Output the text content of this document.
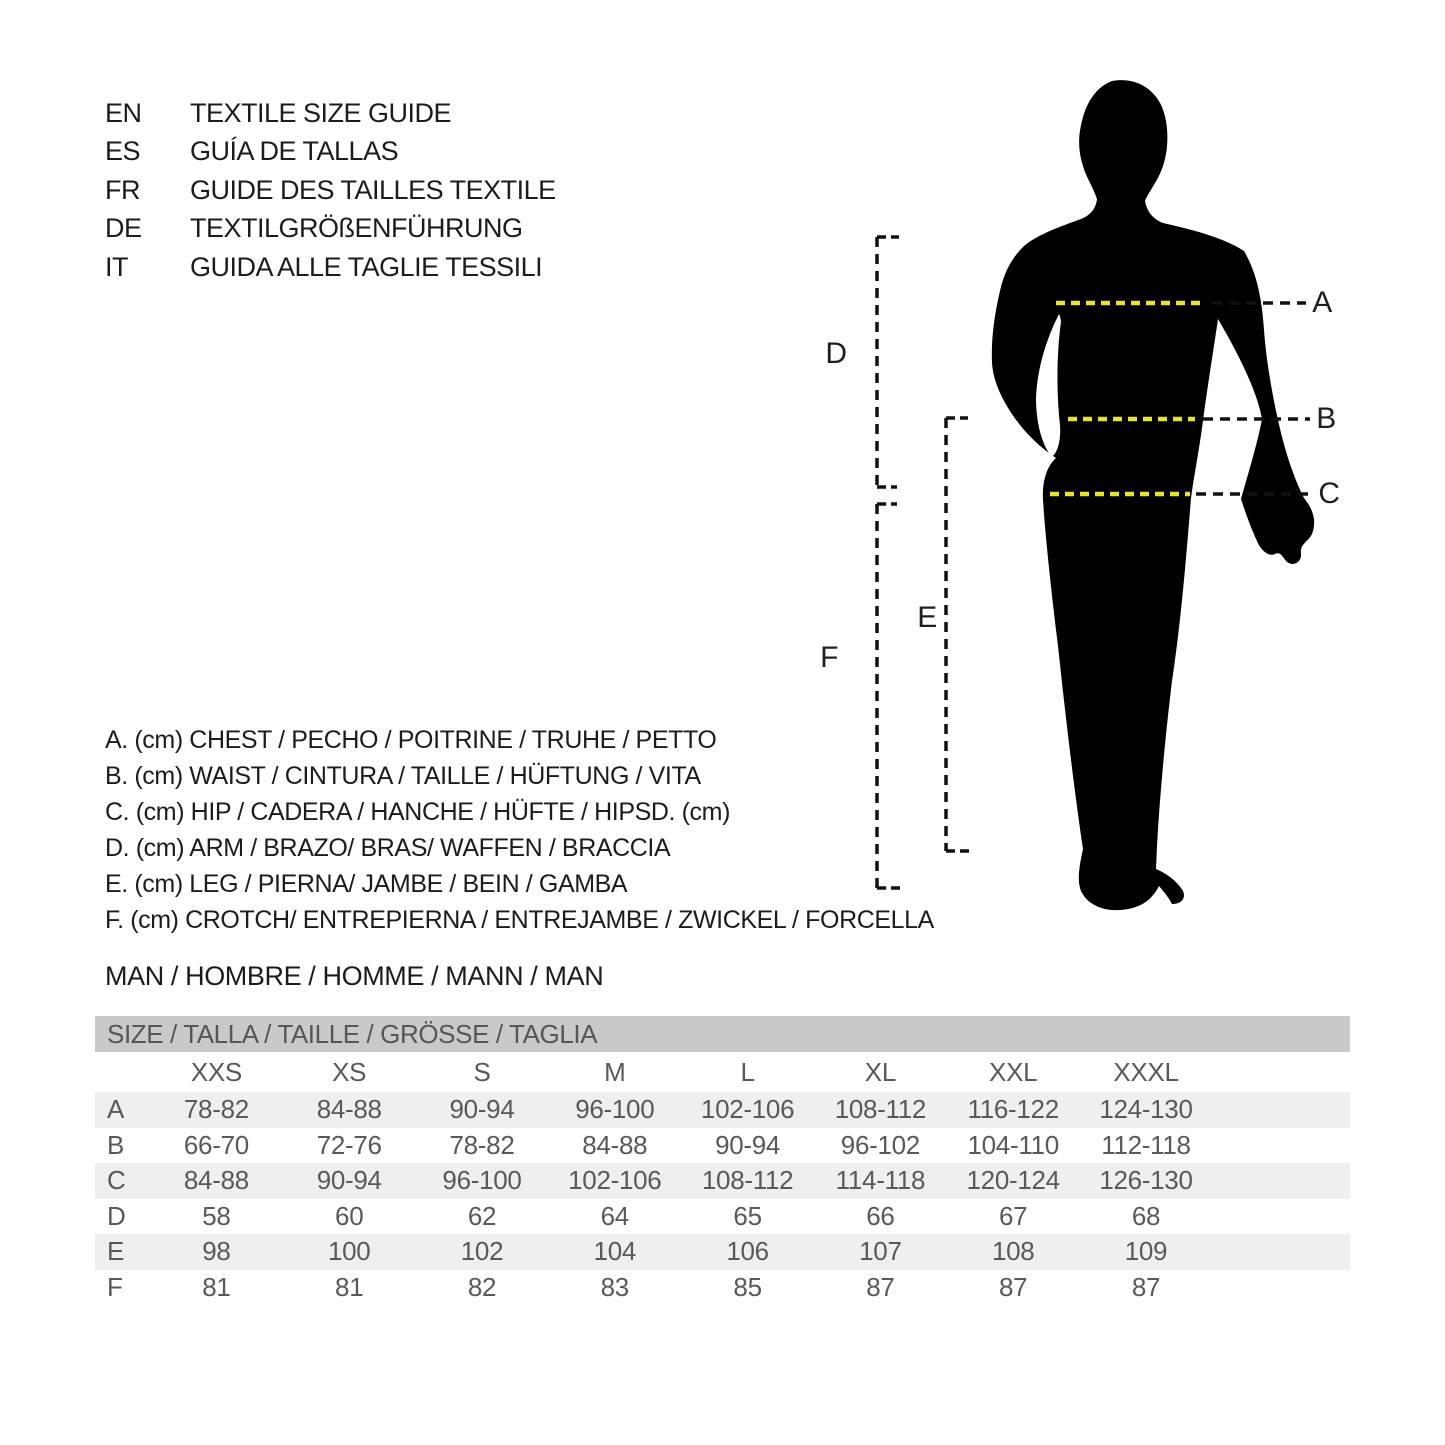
EN	TEXTILE SIZE GUIDE
ES	GUÍA DE TALLAS
FR	GUIDE DES TAILLES TEXTILE
DE	TEXTILGRÖßENFÜHRUNG
IT	GUIDA ALLE TAGLIE TESSILI
A
B
C
D
E
F
A. (cm) CHEST / PECHO / POITRINE / TRUHE / PETTO
B. (cm) WAIST / CINTURA / TAILLE / HÜFTUNG / VITA
C. (cm) HIP / CADERA / HANCHE / HÜFTE / HIPSD. (cm)
D. (cm) ARM / BRAZO/ BRAS/ WAFFEN / BRACCIA
E. (cm) LEG / PIERNA/ JAMBE / BEIN / GAMBA
F. (cm) CROTCH/ ENTREPIERNA / ENTREJAMBE / ZWICKEL / FORCELLA
MAN / HOMBRE / HOMME / MANN / MAN
SIZE / TALLA / TAILLE / GRÖSSE / TAGLIA
XXS	XS	S	M	L	XL	XXL	XXXL
A	78-82	84-88	90-94	96-100	102-106	108-112	116-122	124-130
B	66-70	72-76	78-82	84-88	90-94	96-102	104-110	112-118
C	84-88	90-94	96-100	102-106	108-112	114-118	120-124	126-130
D	58	60	62	64	65	66	67	68
E	98	100	102	104	106	107	108	109
F	81	81	82	83	85	87	87	87
